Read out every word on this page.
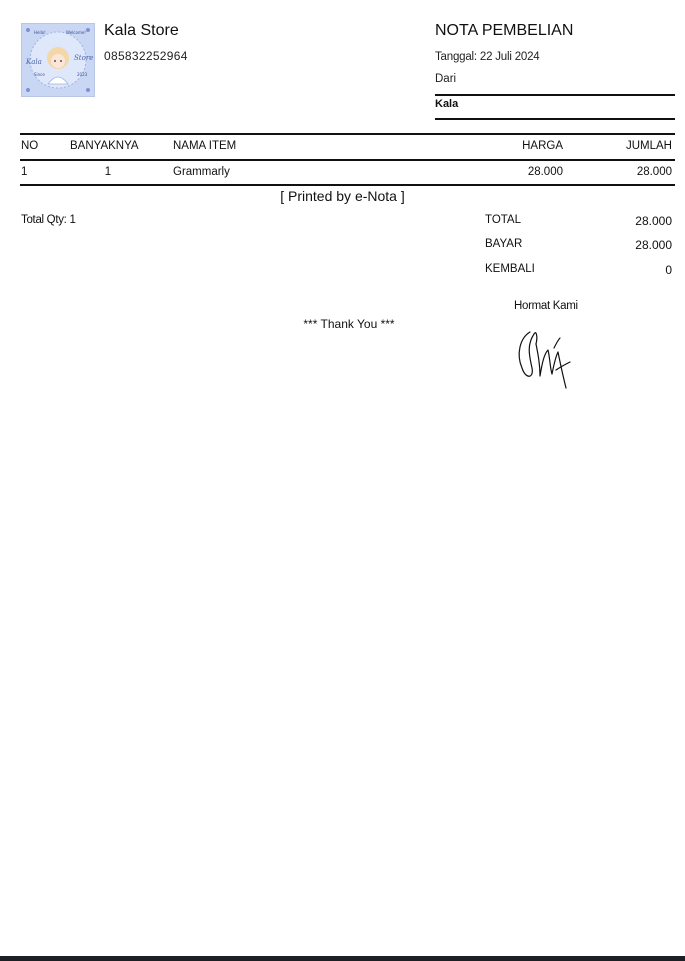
Hello!	Welcome!
Kala	Store
Since	2023
Kala Store
085832252964
NOTA PEMBELIAN
Tanggal: 22 Juli 2024
Dari
Kala
NO	BANYAKNYA	NAMA ITEM	HARGA	JUMLAH
1	1	Grammarly	28.000	28.000
[ Printed by e-Nota ]
Total Qty: 1	TOTAL	28.000
BAYAR	28.000
KEMBALI	0
*** Thank You ***
Hormat Kami
